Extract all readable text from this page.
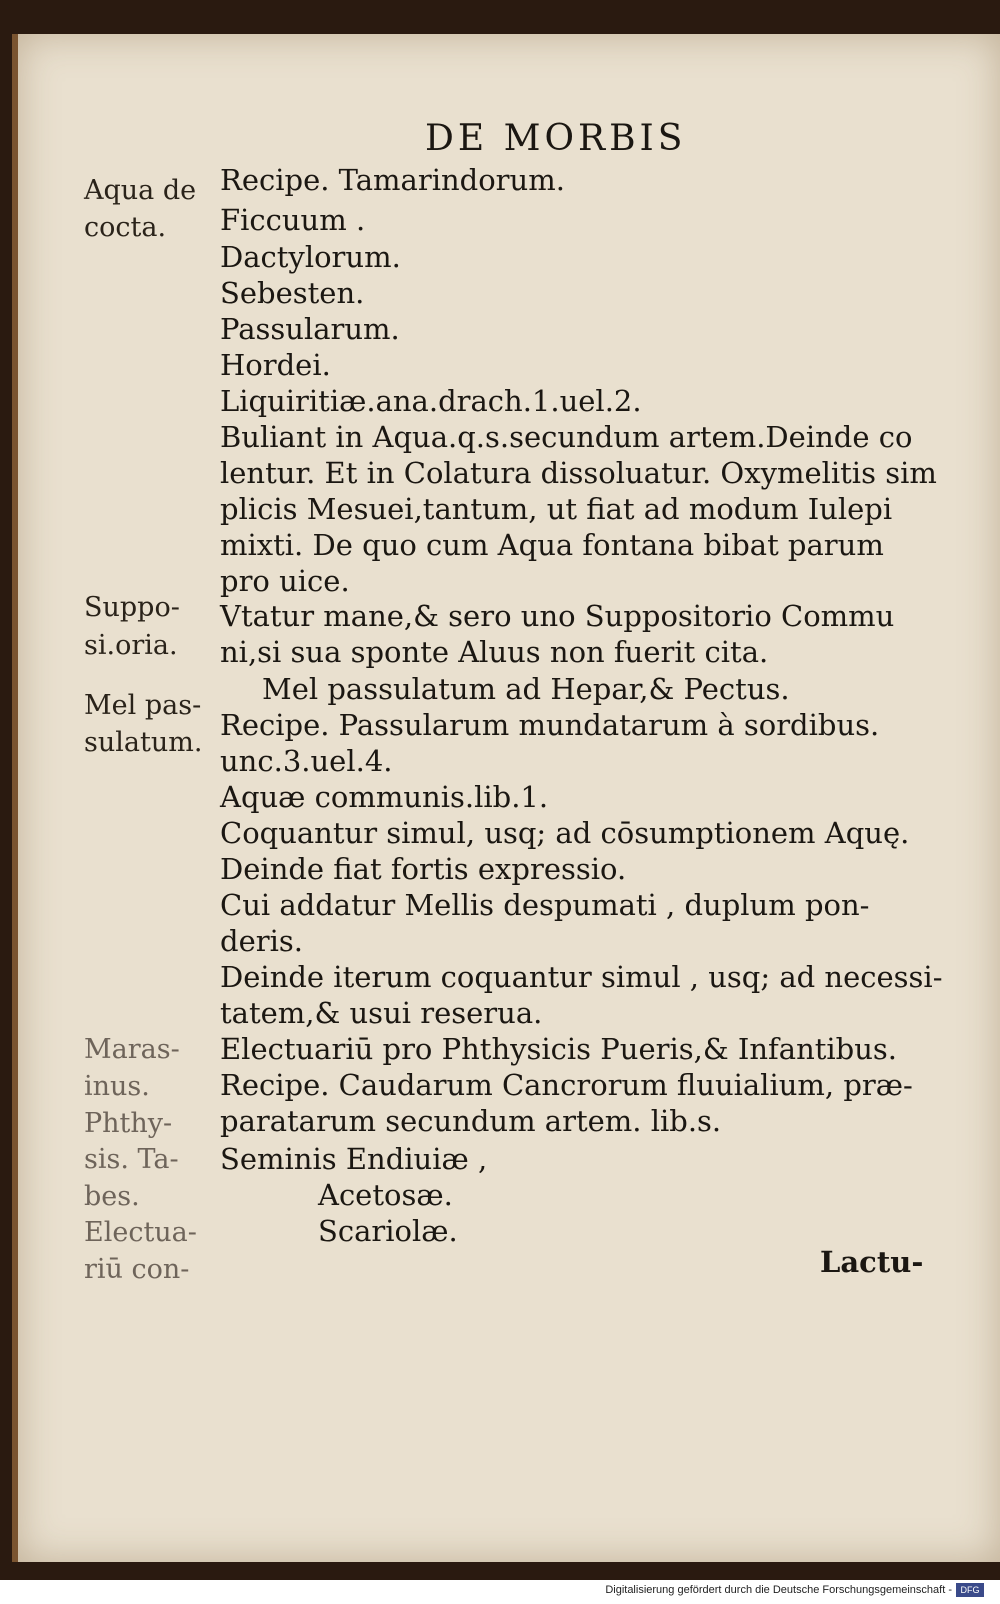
DE MORBIS
Recipe. Tamarindorum.
Ficcuum .
Dactylorum.
Sebesten.
Passularum.
Hordei.
Liquiritiæ.ana.drach.1.uel.2.
Buliant in Aqua.q.s.secundum artem.Deinde co
lentur. Et in Colatura dissoluatur. Oxymelitis sim
plicis Mesuei,tantum, ut fiat ad modum Iulepi
mixti. De quo cum Aqua fontana bibat parum
pro uice.
Vtatur mane,& sero uno Suppositorio Commu
ni,si sua sponte Aluus non fuerit cita.
Mel passulatum ad Hepar,& Pectus.
Recipe. Passularum mundatarum à sordibus.
unc.3.uel.4.
Aquæ communis.lib.1.
Coquantur simul, usq; ad cōsumptionem Aquę.
Deinde fiat fortis expressio.
Cui addatur Mellis despumati , duplum pon-
deris.
Deinde iterum coquantur simul , usq; ad necessi-
tatem,& usui reserua.
Electuariū pro Phthysicis Pueris,& Infantibus.
Recipe. Caudarum Cancrorum fluuialium, præ-
paratarum secundum artem. lib.s.
Seminis Endiuiæ ,
Acetosæ.
Scariolæ.
Aqua de
cocta.
Suppo-
si.oria.
Mel pas-
sulatum.
Maras-
inus.
Phthy-
sis. Ta-
bes.
Electua-
riū con-	Lactu-
Digitalisierung gefördert durch die Deutsche Forschungsgemeinschaft - DFG
